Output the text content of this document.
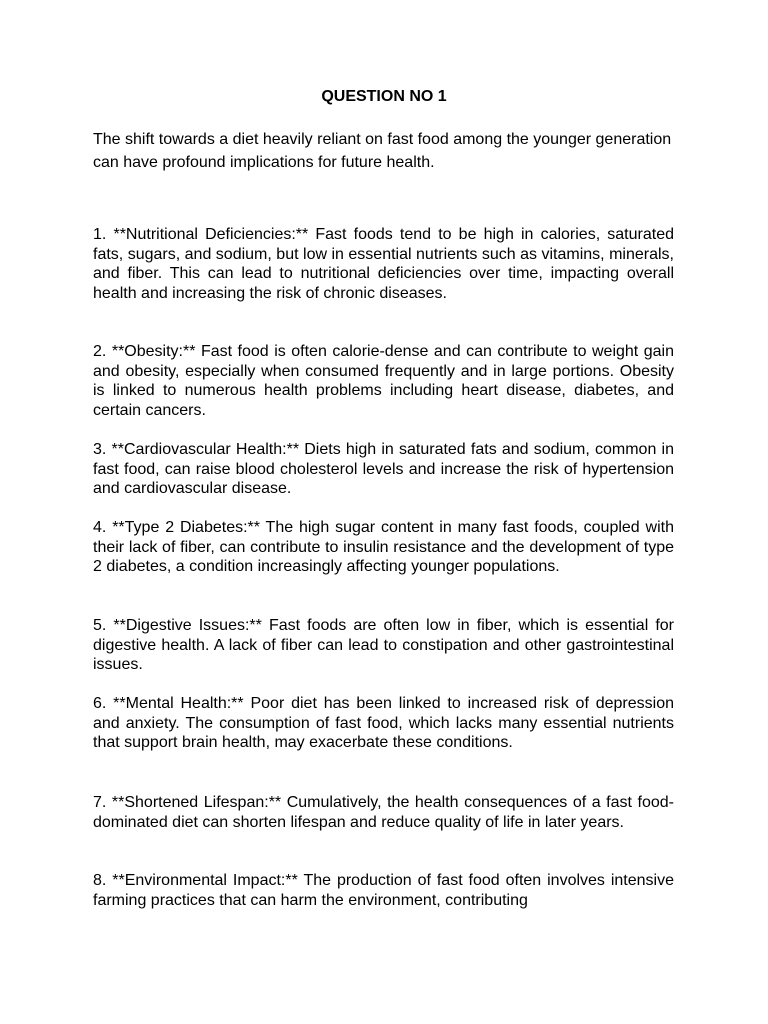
QUESTION NO 1

The shift towards a diet heavily reliant on fast food among the younger generation can have profound implications for future health.

1. **Nutritional Deficiencies:** Fast foods tend to be high in calories, saturated fats, sugars, and sodium, but low in essential nutrients such as vitamins, minerals, and fiber. This can lead to nutritional deficiencies over time, impacting overall health and increasing the risk of chronic diseases.

2. **Obesity:** Fast food is often calorie-dense and can contribute to weight gain and obesity, especially when consumed frequently and in large portions. Obesity is linked to numerous health problems including heart disease, diabetes, and certain cancers.

3. **Cardiovascular Health:** Diets high in saturated fats and sodium, common in fast food, can raise blood cholesterol levels and increase the risk of hypertension and cardiovascular disease.

4. **Type 2 Diabetes:** The high sugar content in many fast foods, coupled with their lack of fiber, can contribute to insulin resistance and the development of type 2 diabetes, a condition increasingly affecting younger populations.

5. **Digestive Issues:** Fast foods are often low in fiber, which is essential for digestive health. A lack of fiber can lead to constipation and other gastrointestinal issues.

6. **Mental Health:** Poor diet has been linked to increased risk of depression and anxiety. The consumption of fast food, which lacks many essential nutrients that support brain health, may exacerbate these conditions.

7. **Shortened Lifespan:** Cumulatively, the health consequences of a fast food-dominated diet can shorten lifespan and reduce quality of life in later years.

8. **Environmental Impact:** The production of fast food often involves intensive farming practices that can harm the environment, contributing
